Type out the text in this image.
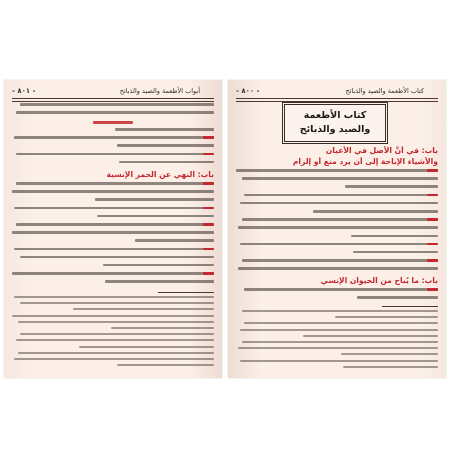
- ٨٠١ -	أبواب الأطعمة والصيد والذبائح
باب: النهي عن الحمر الإنسية
- ٨٠٠ -	كتاب الأطعمة والصيد والذبائح
كتاب الأطعمة
والصيد والذبائح
باب: في أنَّ الأصل في الأعيان
والأشياء الإباحة إلى أن يرد منع أو إلزام
باب: ما يُباح من الحيوان الإنسي
